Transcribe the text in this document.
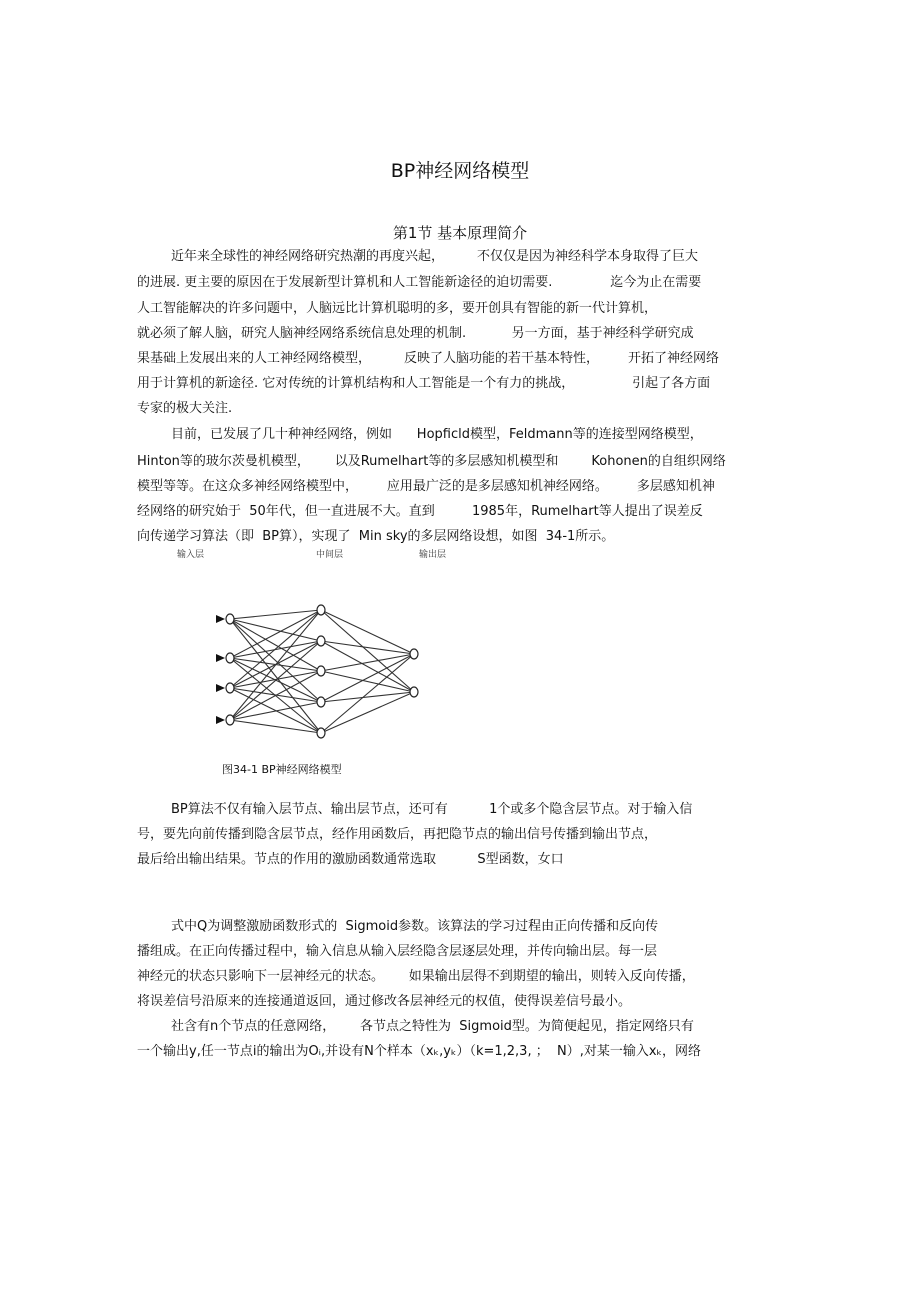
BP神经网络模型
第1节 基本原理简介
近年来全球性的神经网络研究热潮的再度兴起，        不仅仅是因为神经科学本身取得了巨大
的进展. 更主要的原因在于发展新型计算机和人工智能新途径的迫切需要.              迄今为止在需要
人工智能解决的许多问题中，人脑远比计算机聪明的多，要开创具有智能的新一代计算机，
就必须了解人脑，研究人脑神经网络系统信息处理的机制.           另一方面，基于神经科学研究成
果基础上发展出来的人工神经网络模型，        反映了人脑功能的若干基本特性，       开拓了神经网络
用于计算机的新途径. 它对传统的计算机结构和人工智能是一个有力的挑战，              引起了各方面
专家的极大关注.
目前，已发展了几十种神经网络，例如      Hopficld模型，Feldmann等的连接型网络模型，
Hinton等的玻尔茨曼机模型，      以及Rumelhart等的多层感知机模型和        Kohonen的自组织网络
模型等等。在这众多神经网络模型中，       应用最广泛的是多层感知机神经网络。       多层感知机神
经网络的研究始于  50年代，但一直进展不大。直到         1985年，Rumelhart等人提出了误差反
向传递学习算法（即  BP算），实现了  Min sky的多层网络设想，如图  34-1所示。
输入层	中间层	输出层
图34-1 BP神经网络模型
BP算法不仅有输入层节点、输出层节点，还可有          1个或多个隐含层节点。对于输入信
号，要先向前传播到隐含层节点，经作用函数后，再把隐节点的输出信号传播到输出节点，
最后给出输出结果。节点的作用的激励函数通常选取          S型函数，女口
式中Q为调整激励函数形式的  Sigmoid参数。该算法的学习过程由正向传播和反向传
播组成。在正向传播过程中，输入信息从输入层经隐含层逐层处理，并传向输出层。每一层
神经元的状态只影响下一层神经元的状态。      如果输出层得不到期望的输出，则转入反向传播，
将误差信号沿原来的连接通道返回，通过修改各层神经元的权值，使得误差信号最小。
社含有n个节点的任意网络，      各节点之特性为  Sigmoid型。为简便起见，指定网络只有
一个输出y,任一节点i的输出为Oᵢ,并设有N个样本（xₖ,yₖ）（k=1,2,3, ；  N）,对某一输入xₖ，网络
